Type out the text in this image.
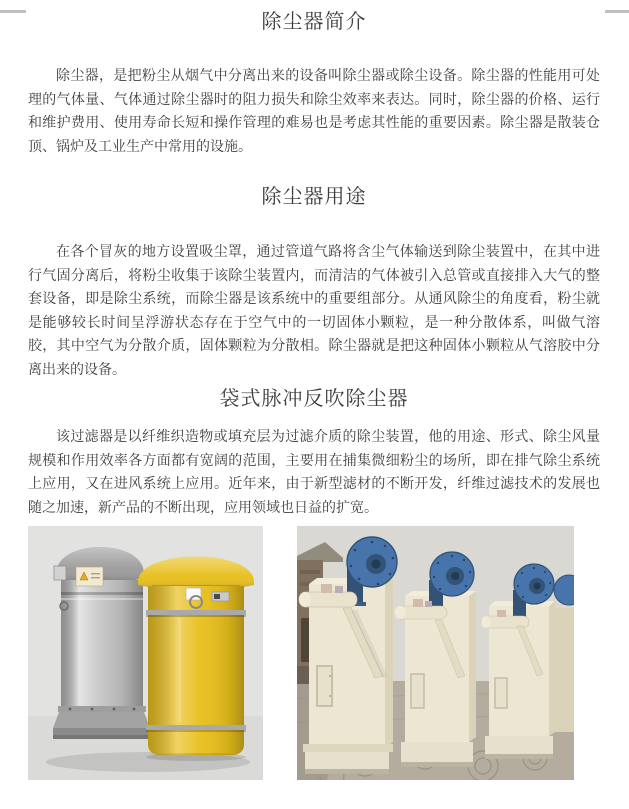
除尘器简介

除尘器，是把粉尘从烟气中分离出来的设备叫除尘器或除尘设备。除尘器的性能用可处理的气体量、气体通过除尘器时的阻力损失和除尘效率来表达。同时，除尘器的价格、运行和维护费用、使用寿命长短和操作管理的难易也是考虑其性能的重要因素。除尘器是散装仓顶、锅炉及工业生产中常用的设施。

除尘器用途

在各个冒灰的地方设置吸尘罩，通过管道气路将含尘气体输送到除尘装置中，在其中进行气固分离后，将粉尘收集于该除尘装置内，而清洁的气体被引入总管或直接排入大气的整套设备，即是除尘系统，而除尘器是该系统中的重要组部分。从通风除尘的角度看，粉尘就是能够较长时间呈浮游状态存在于空气中的一切固体小颗粒，是一种分散体系，叫做气溶胶，其中空气为分散介质，固体颗粒为分散相。除尘器就是把这种固体小颗粒从气溶胶中分离出来的设备。

袋式脉冲反吹除尘器

该过滤器是以纤维织造物或填充层为过滤介质的除尘装置，他的用途、形式、除尘风量规模和作用效率各方面都有宽阔的范围，主要用在捕集微细粉尘的场所，即在排气除尘系统上应用，又在进风系统上应用。近年来，由于新型滤材的不断开发，纤维过滤技术的发展也随之加速，新产品的不断出现，应用领域也日益的扩宽。
